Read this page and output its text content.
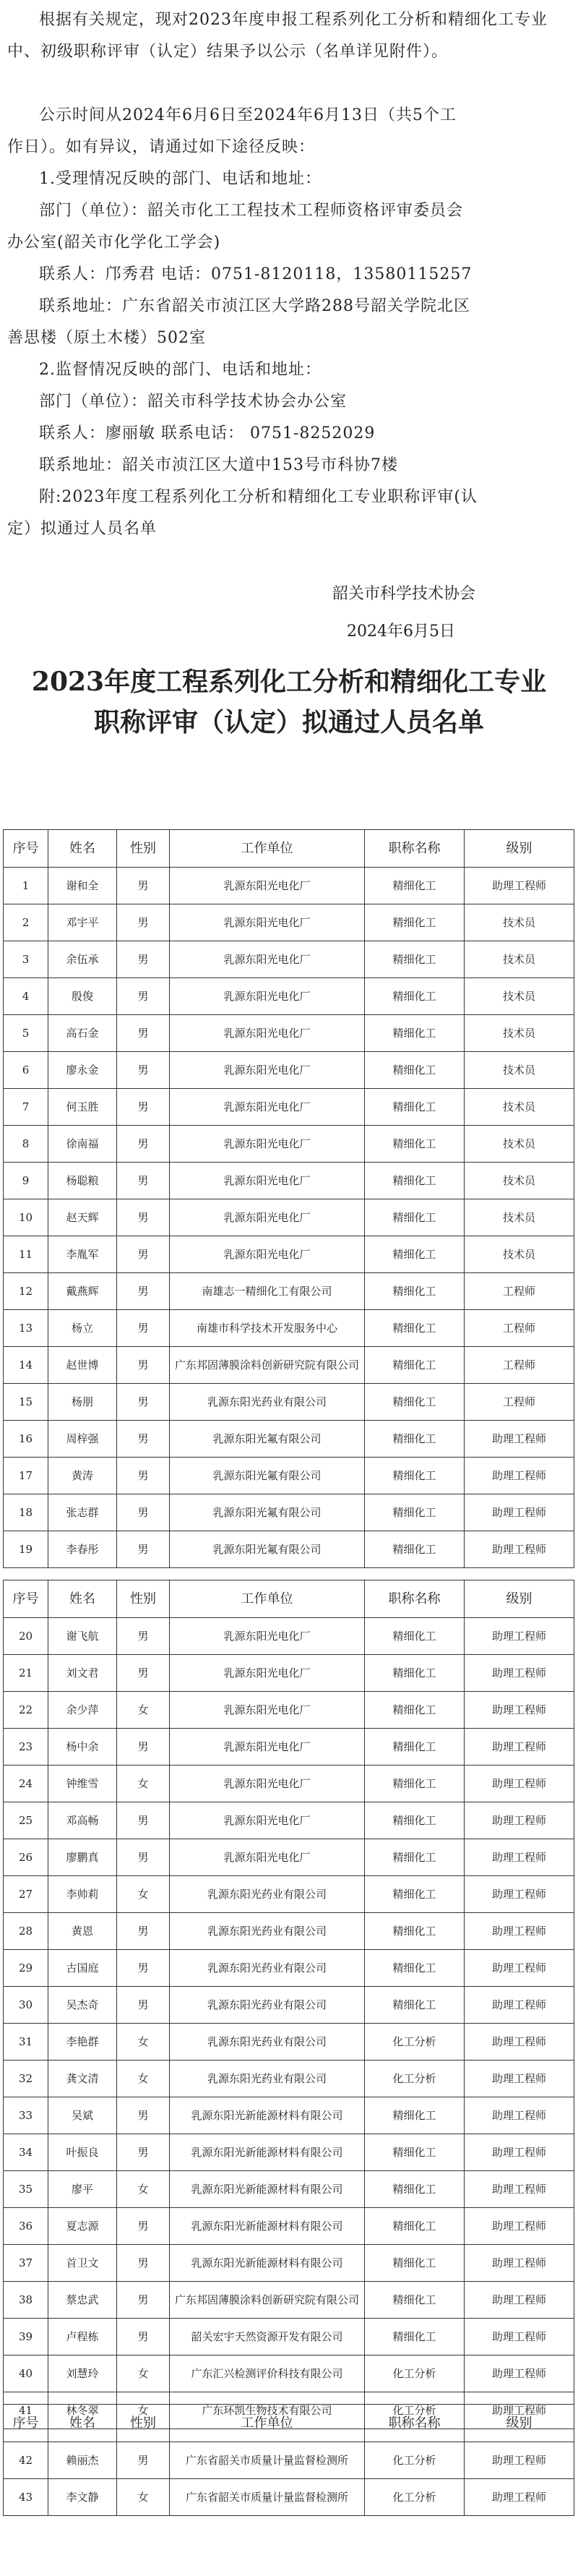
根据有关规定，现对2023年度申报工程系列化工分析和精细化工专业中、初级职称评审（认定）结果予以公示（名单详见附件）。

公示时间从2024年6月6日至2024年6月13日（共5个工

作日）。如有异议，请通过如下途径反映：

1.受理情况反映的部门、电话和地址：

部门（单位）：韶关市化工工程技术工程师资格评审委员会

办公室(韶关市化学化工学会)

联系人：邝秀君 电话：0751-8120118，13580115257

联系地址：广东省韶关市浈江区大学路288号韶关学院北区

善思楼（原土木楼）502室

2.监督情况反映的部门、电话和地址：

部门（单位）：韶关市科学技术协会办公室

联系人：廖丽敏 联系电话： 0751-8252029

联系地址：韶关市浈江区大道中153号市科协7楼

附:2023年度工程系列化工分析和精细化工专业职称评审(认

定）拟通过人员名单

韶关市科学技术协会
2024年6月5日
2023年度工程系列化工分析和精细化工专业
职称评审（认定）拟通过人员名单
序号	姓名	性别	工作单位	职称名称	级别
1	谢和全	男	乳源东阳光电化厂	精细化工	助理工程师
2	邓宇平	男	乳源东阳光电化厂	精细化工	技术员
3	余伍承	男	乳源东阳光电化厂	精细化工	技术员
4	殷俊	男	乳源东阳光电化厂	精细化工	技术员
5	高石金	男	乳源东阳光电化厂	精细化工	技术员
6	廖永金	男	乳源东阳光电化厂	精细化工	技术员
7	何玉胜	男	乳源东阳光电化厂	精细化工	技术员
8	徐南福	男	乳源东阳光电化厂	精细化工	技术员
9	杨聪粮	男	乳源东阳光电化厂	精细化工	技术员
10	赵天辉	男	乳源东阳光电化厂	精细化工	技术员
11	李胤军	男	乳源东阳光电化厂	精细化工	技术员
12	戴燕辉	男	南雄志一精细化工有限公司	精细化工	工程师
13	杨立	男	南雄市科学技术开发服务中心	精细化工	工程师
14	赵世博	男	广东邦固薄膜涂料创新研究院有限公司	精细化工	工程师
15	杨朋	男	乳源东阳光药业有限公司	精细化工	工程师
16	周梓强	男	乳源东阳光氟有限公司	精细化工	助理工程师
17	黄涛	男	乳源东阳光氟有限公司	精细化工	助理工程师
18	张志群	男	乳源东阳光氟有限公司	精细化工	助理工程师
19	李春彤	男	乳源东阳光氟有限公司	精细化工	助理工程师
序号	姓名	性别	工作单位	职称名称	级别
20	谢飞航	男	乳源东阳光电化厂	精细化工	助理工程师
21	刘文君	男	乳源东阳光电化厂	精细化工	助理工程师
22	余少萍	女	乳源东阳光电化厂	精细化工	助理工程师
23	杨中余	男	乳源东阳光电化厂	精细化工	助理工程师
24	钟维雪	女	乳源东阳光电化厂	精细化工	助理工程师
25	邓高畅	男	乳源东阳光电化厂	精细化工	助理工程师
26	廖鹏真	男	乳源东阳光电化厂	精细化工	助理工程师
27	李帅莉	女	乳源东阳光药业有限公司	精细化工	助理工程师
28	黄恩	男	乳源东阳光药业有限公司	精细化工	助理工程师
29	古国庭	男	乳源东阳光药业有限公司	精细化工	助理工程师
30	吴杰奇	男	乳源东阳光药业有限公司	精细化工	助理工程师
31	李艳群	女	乳源东阳光药业有限公司	化工分析	助理工程师
32	龚文清	女	乳源东阳光药业有限公司	化工分析	助理工程师
33	吴斌	男	乳源东阳光新能源材料有限公司	精细化工	助理工程师
34	叶振良	男	乳源东阳光新能源材料有限公司	精细化工	助理工程师
35	廖平	女	乳源东阳光新能源材料有限公司	精细化工	助理工程师
36	夏志源	男	乳源东阳光新能源材料有限公司	精细化工	助理工程师
37	首卫文	男	乳源东阳光新能源材料有限公司	精细化工	助理工程师
38	蔡忠武	男	广东邦固薄膜涂料创新研究院有限公司	精细化工	助理工程师
39	卢程栋	男	韶关宏宇天然资源开发有限公司	精细化工	助理工程师
40	刘慧玲	女	广东汇兴检测评价科技有限公司	化工分析	助理工程师
41	林冬翠	女	广东环凯生物技术有限公司	化工分析	助理工程师
序号	姓名	性别	工作单位	职称名称	级别
42	赖丽杰	男	广东省韶关市质量计量监督检测所	化工分析	助理工程师
43	李文静	女	广东省韶关市质量计量监督检测所	化工分析	助理工程师
